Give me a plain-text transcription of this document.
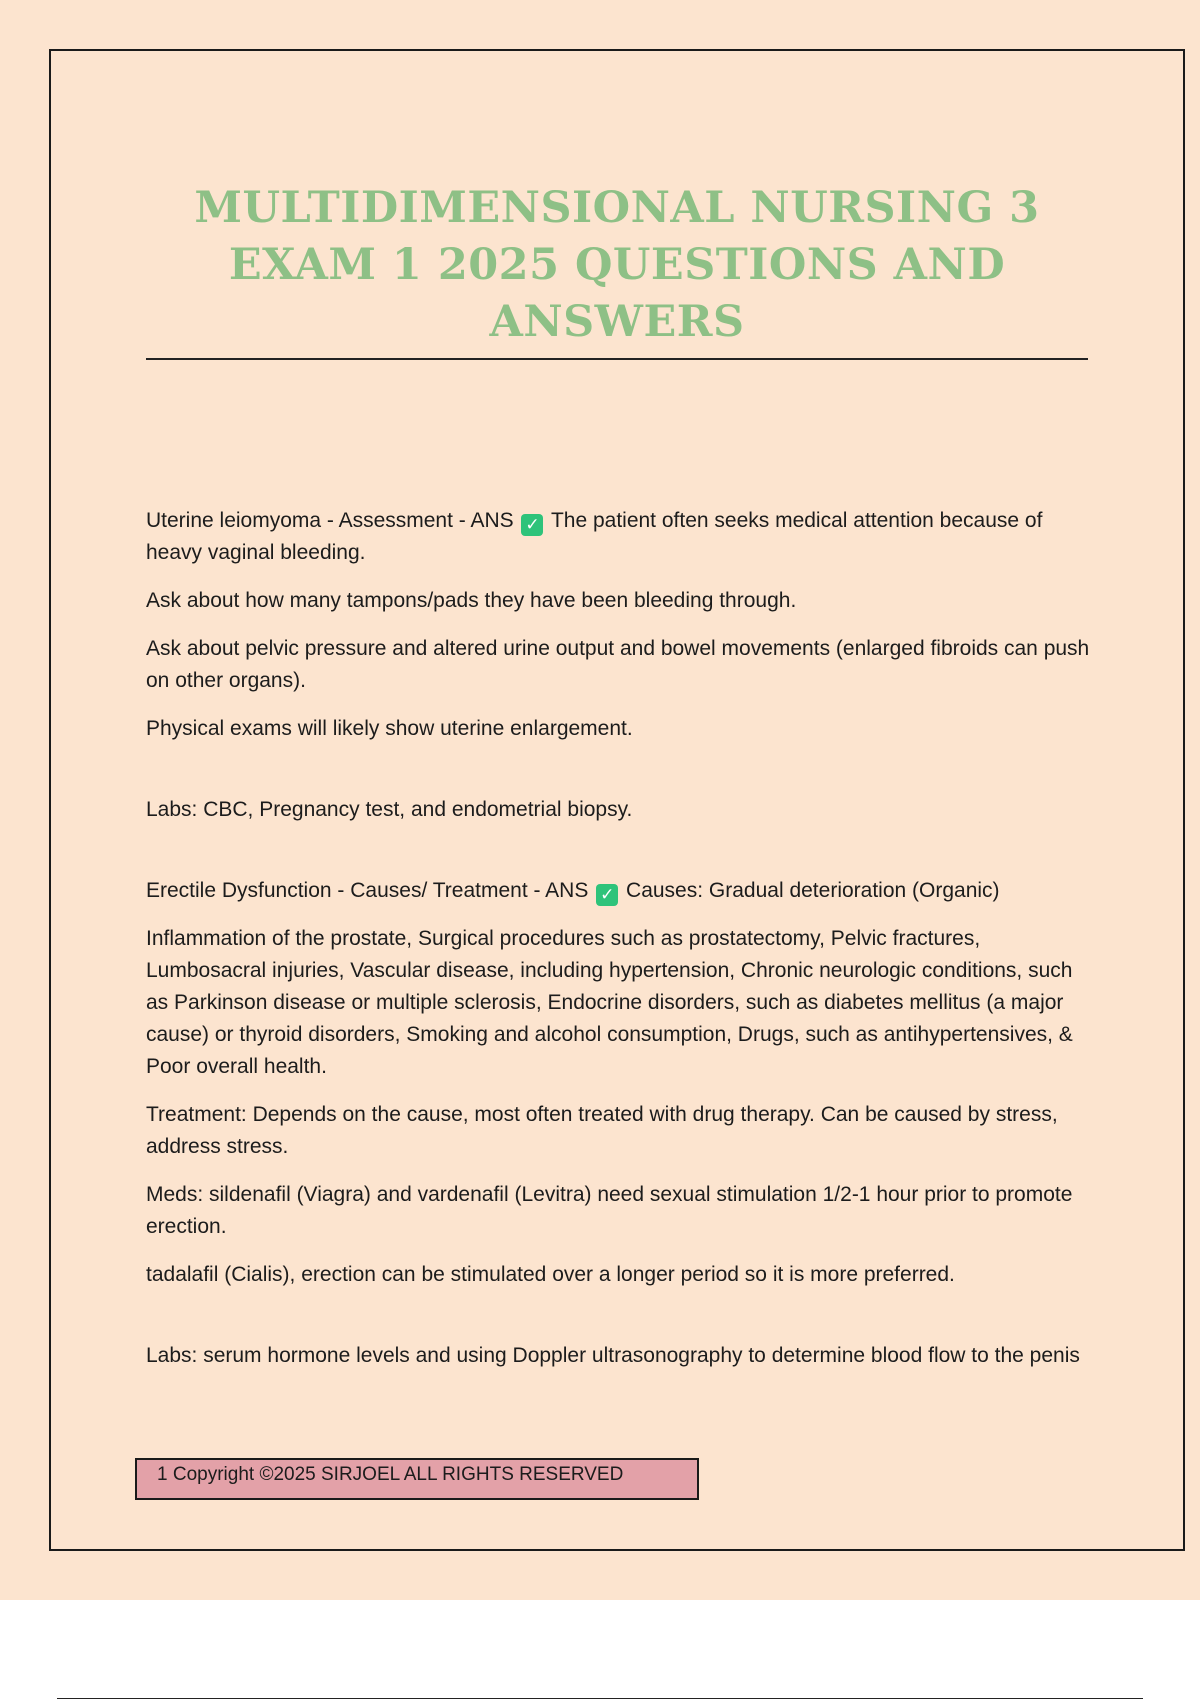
MULTIDIMENSIONAL NURSING 3
EXAM 1 2025 QUESTIONS AND
ANSWERS

Uterine leiomyoma - Assessment - ANS ✓ The patient often seeks medical attention because of heavy vaginal bleeding.

Ask about how many tampons/pads they have been bleeding through.

Ask about pelvic pressure and altered urine output and bowel movements (enlarged fibroids can push on other organs).

Physical exams will likely show uterine enlargement.

Labs: CBC, Pregnancy test, and endometrial biopsy.

Erectile Dysfunction - Causes/ Treatment - ANS ✓ Causes: Gradual deterioration (Organic)

Inflammation of the prostate, Surgical procedures such as prostatectomy, Pelvic fractures, Lumbosacral injuries, Vascular disease, including hypertension, Chronic neurologic conditions, such as Parkinson disease or multiple sclerosis, Endocrine disorders, such as diabetes mellitus (a major cause) or thyroid disorders, Smoking and alcohol consumption, Drugs, such as antihypertensives, & Poor overall health.

Treatment: Depends on the cause, most often treated with drug therapy. Can be caused by stress, address stress.

Meds: sildenafil (Viagra) and vardenafil (Levitra) need sexual stimulation 1/2-1 hour prior to promote erection.

tadalafil (Cialis), erection can be stimulated over a longer period so it is more preferred.

Labs: serum hormone levels and using Doppler ultrasonography to determine blood flow to the penis

1 Copyright ©2025 SIRJOEL ALL RIGHTS RESERVED
